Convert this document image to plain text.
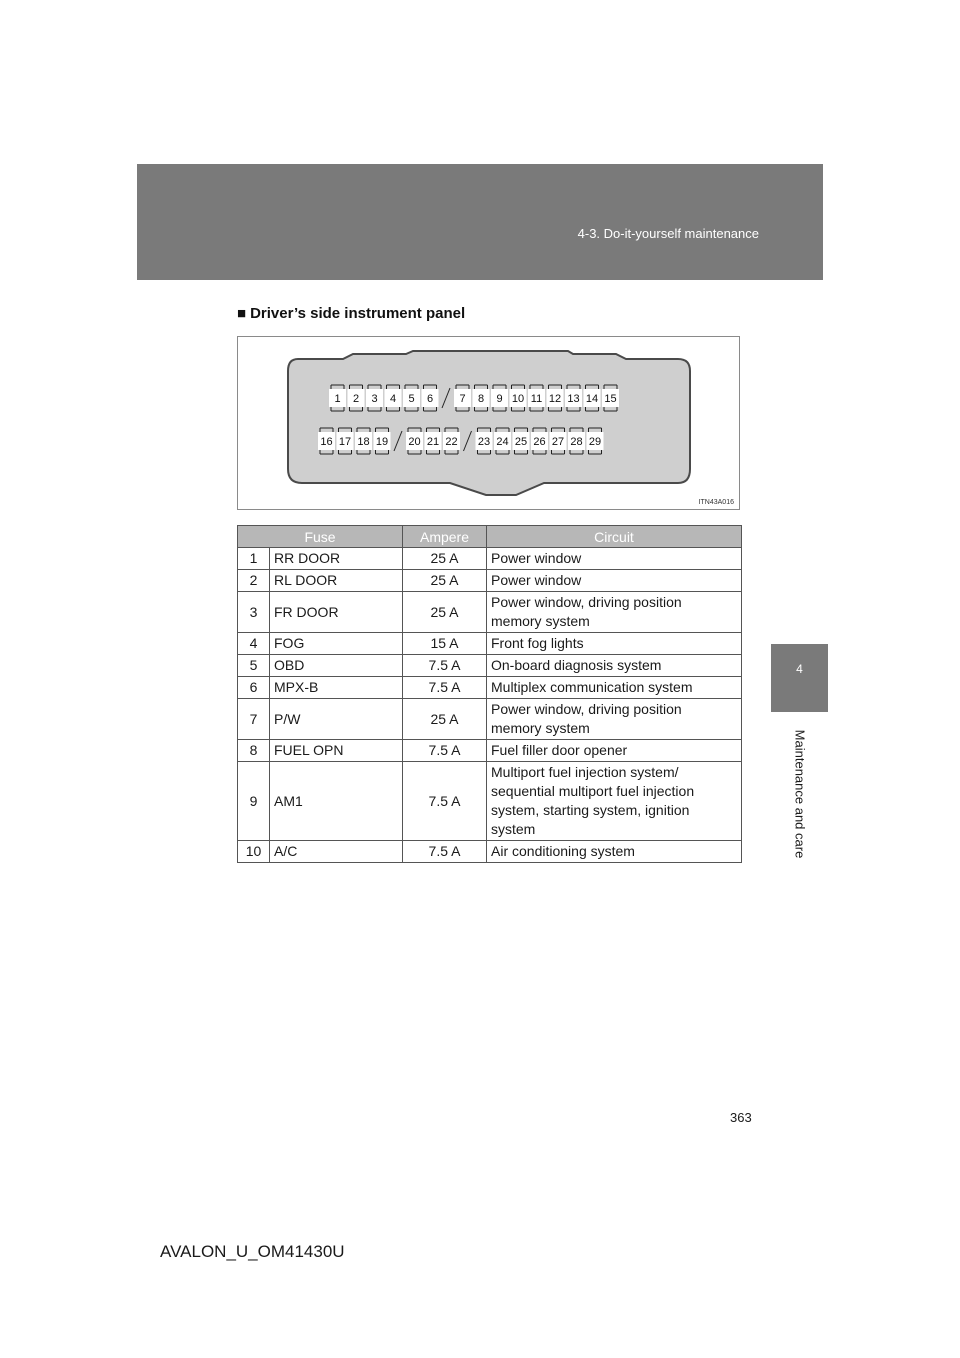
4-3. Do-it-yourself maintenance
4
Maintenance and care
■ Driver’s side instrument panel
1 2 3 4 5 6 7 8 9 10 11 12 13 14 15
16 17 18 19 20 21 22 23 24 25 26 27 28 29
ITN43A016
Fuse		Ampere	Circuit
1	RR DOOR	25 A	Power window

2	RL DOOR	25 A	Power window

3	FR DOOR	25 A	Power window, driving position
memory system

4	FOG	15 A	Front fog lights

5	OBD	7.5 A	On-board diagnosis system

6	MPX-B	7.5 A	Multiplex communication system

7	P/W	25 A	Power window, driving position
memory system

8	FUEL OPN	7.5 A	Fuel filler door opener

9	AM1	7.5 A	Multiport fuel injection system/
sequential multiport fuel injection
system, starting system, ignition
system

10	A/C	7.5 A	Air conditioning system
363
AVALON_U_OM41430U
